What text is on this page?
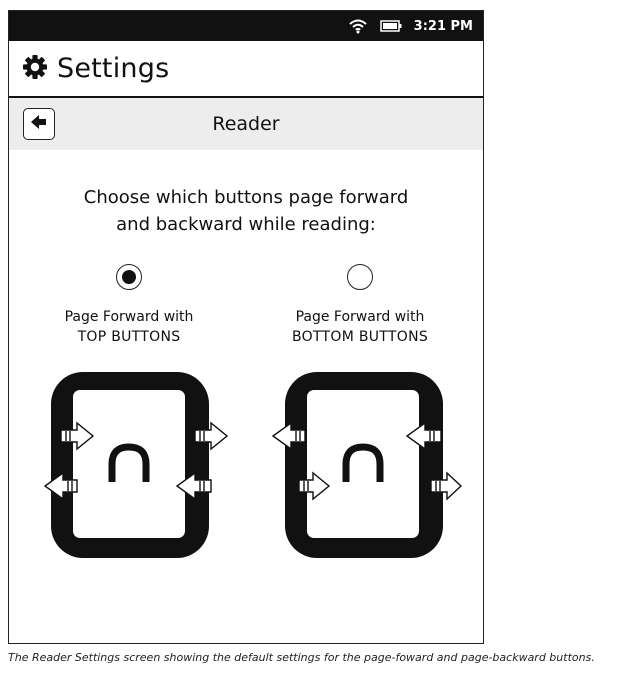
3:21 PM
Settings
Reader
Choose which buttons page forward
and backward while reading:
Page Forward with
TOP BUTTONS
Page Forward with
BOTTOM BUTTONS
The Reader Settings screen showing the default settings for the page-foward and page-backward buttons.
